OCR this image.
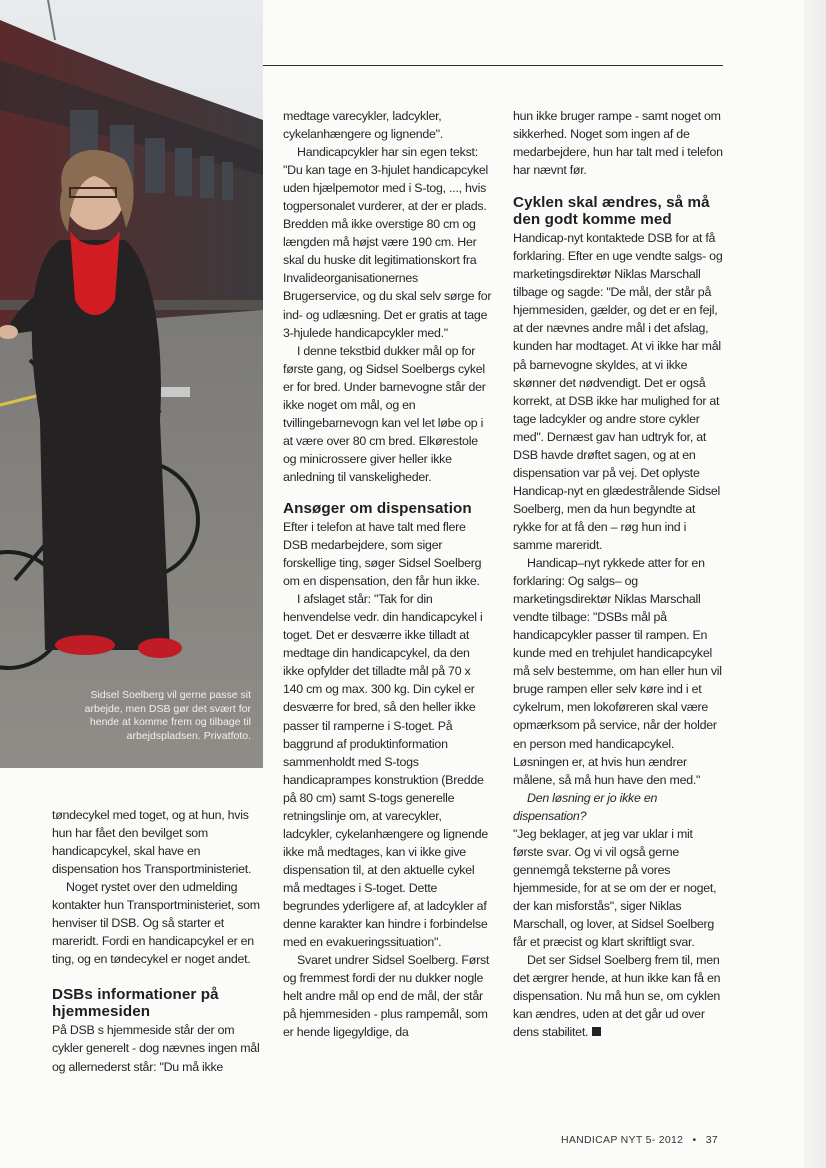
Sidsel Soelberg vil gerne passe sit

arbejde, men DSB gør det svært for

hende at komme frem og tilbage til

arbejdspladsen. Privatfoto.

tøndecykel med toget, og at hun, hvis hun har fået den bevilget som handicapcykel, skal have en dispensation hos Transportministeriet.

Noget rystet over den udmelding kontakter hun Transportministeriet, som henviser til DSB. Og så starter et mareridt. Fordi en handicapcykel er en ting, og en tøndecykel er noget andet.

DSBs informationer på hjemmesiden

På DSB s hjemmeside står der om cykler generelt - dog nævnes ingen mål og allernederst står: "Du må ikke

medtage varecykler, ladcykler, cykelanhængere og lignende".

Handicapcykler har sin egen tekst: "Du kan tage en 3-hjulet handicapcykel uden hjælpemotor med i S-tog, ..., hvis togpersonalet vurderer, at der er plads. Bredden må ikke overstige 80 cm og længden må højst være 190 cm. Her skal du huske dit legitimationskort fra Invalideorganisationernes Brugerservice, og du skal selv sørge for ind- og udlæsning. Det er gratis at tage 3-hjulede handicapcykler med."

I denne tekstbid dukker mål op for første gang, og Sidsel Soelbergs cykel er for bred. Under barnevogne står der ikke noget om mål, og en tvillingebarnevogn kan vel let løbe op i at være over 80 cm bred. Elkørestole og minicrossere giver heller ikke anledning til vanskeligheder.

Ansøger om dispensation

Efter i telefon at have talt med flere DSB medarbejdere, som siger forskellige ting, søger Sidsel Soelberg om en dispensation, den får hun ikke.

I afslaget står: "Tak for din henvendelse vedr. din handicapcykel i toget. Det er desværre ikke tilladt at medtage din handicapcykel, da den ikke opfylder det tilladte mål på 70 x 140 cm og max. 300 kg. Din cykel er desværre for bred, så den heller ikke passer til ramperne i S-toget. På baggrund af produktinformation sammenholdt med S-togs handicaprampes konstruktion (Bredde på 80 cm) samt S-togs generelle retningslinje om, at varecykler, ladcykler, cykelanhængere og lignende ikke må medtages, kan vi ikke give dispensation til, at den aktuelle cykel må medtages i S-toget. Dette begrundes yderligere af, at ladcykler af denne karakter kan hindre i forbindelse med en evakueringssituation".

Svaret undrer Sidsel Soelberg. Først og fremmest fordi der nu dukker nogle helt andre mål op end de mål, der står på hjemmesiden - plus rampemål, som er hende ligegyldige, da

hun ikke bruger rampe - samt noget om sikkerhed. Noget som ingen af de medarbejdere, hun har talt med i telefon har nævnt før.

Cyklen skal ændres, så må den godt komme med

Handicap-nyt kontaktede DSB for at få forklaring. Efter en uge vendte salgs- og marketingsdirektør Niklas Marschall tilbage og sagde: "De mål, der står på hjemmesiden, gælder, og det er en fejl, at der nævnes andre mål i det afslag, kunden har modtaget. At vi ikke har mål på barnevogne skyldes, at vi ikke skønner det nødvendigt. Det er også korrekt, at DSB ikke har mulighed for at tage ladcykler og andre store cykler med". Dernæst gav han udtryk for, at DSB havde drøftet sagen, og at en dispensation var på vej. Det oplyste Handicap-nyt en glædestrålende Sidsel Soelberg, men da hun begyndte at rykke for at få den – røg hun ind i samme mareridt.

Handicap–nyt rykkede atter for en forklaring: Og salgs– og marketingsdirektør Niklas Marschall vendte tilbage: "DSBs mål på handicapcykler passer til rampen. En kunde med en trehjulet handicapcykel må selv bestemme, om han eller hun vil bruge rampen eller selv køre ind i et cykelrum, men lokoføreren skal være opmærksom på service, når der holder en person med handicapcykel. Løsningen er, at hvis hun ændrer målene, så må hun have den med."

Den løsning er jo ikke en dispensation?

"Jeg beklager, at jeg var uklar i mit første svar. Og vi vil også gerne gennemgå teksterne på vores hjemmeside, for at se om der er noget, der kan misforstås", siger Niklas Marschall, og lover, at Sidsel Soelberg får et præcist og klart skriftligt svar.

Det ser Sidsel Soelberg frem til, men det ærgrer hende, at hun ikke kan få en dispensation. Nu må hun se, om cyklen kan ændres, uden at det går ud over dens stabilitet.

HANDICAP NYT 5- 2012 • 37
